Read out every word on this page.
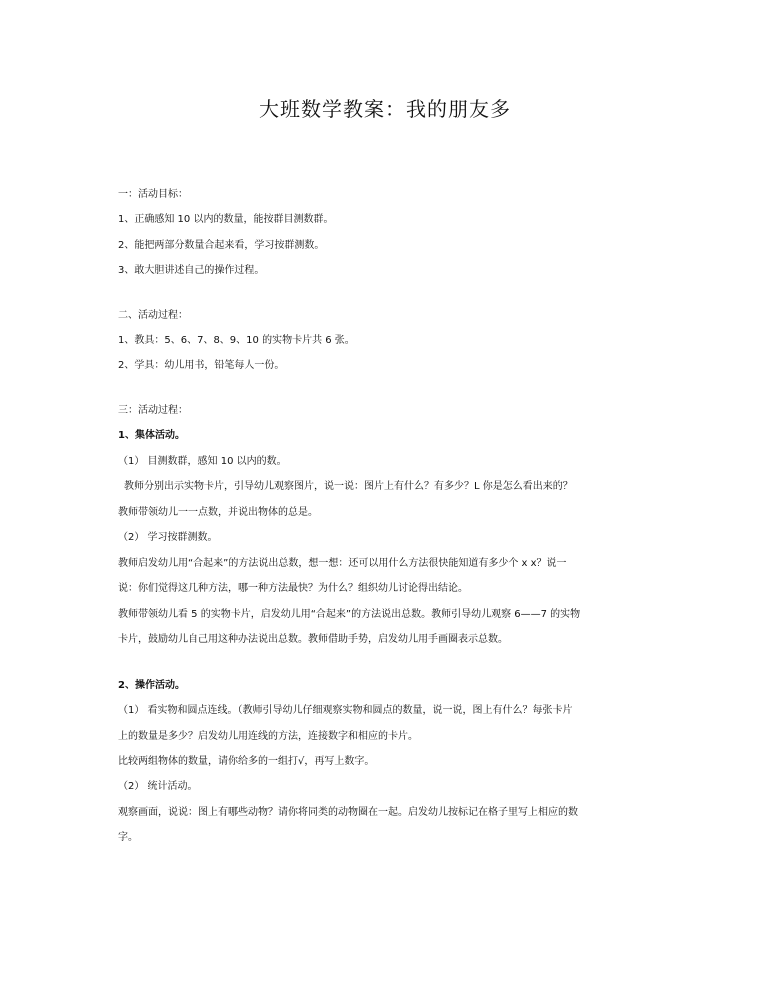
大班数学教案：我的朋友多
一：活动目标：
1、正确感知 10 以内的数量，能按群目测数群。
2、能把两部分数量合起来看，学习按群测数。
3、敢大胆讲述自己的操作过程。
二、活动过程：
1、教具：5、6、7、8、9、10 的实物卡片共 6 张。
2、学具：幼儿用书，铅笔每人一份。
三：活动过程：
1、集体活动。
（1） 目测数群，感知 10 以内的数。
教师分别出示实物卡片，引导幼儿观察图片，说一说：图片上有什么？有多少？L 你是怎么看出来的？
教师带领幼儿一一点数，并说出物体的总是。
（2） 学习按群测数。
教师启发幼儿用“合起来”的方法说出总数，想一想：还可以用什么方法很快能知道有多少个 x x？说一
说：你们觉得这几种方法，哪一种方法最快？为什么？组织幼儿讨论得出结论。
教师带领幼儿看 5 的实物卡片，启发幼儿用“合起来”的方法说出总数。教师引导幼儿观察 6——7 的实物
卡片，鼓励幼儿自己用这种办法说出总数。教师借助手势，启发幼儿用手画圈表示总数。
2、操作活动。
（1） 看实物和圆点连线。（教师引导幼儿仔细观察实物和圆点的数量，说一说，图上有什么？每张卡片
上的数量是多少？启发幼儿用连线的方法，连接数字和相应的卡片。
比较两组物体的数量，请你给多的一组打√，再写上数字。
（2） 统计活动。
观察画面，说说：图上有哪些动物？请你将同类的动物圈在一起。启发幼儿按标记在格子里写上相应的数
字。
